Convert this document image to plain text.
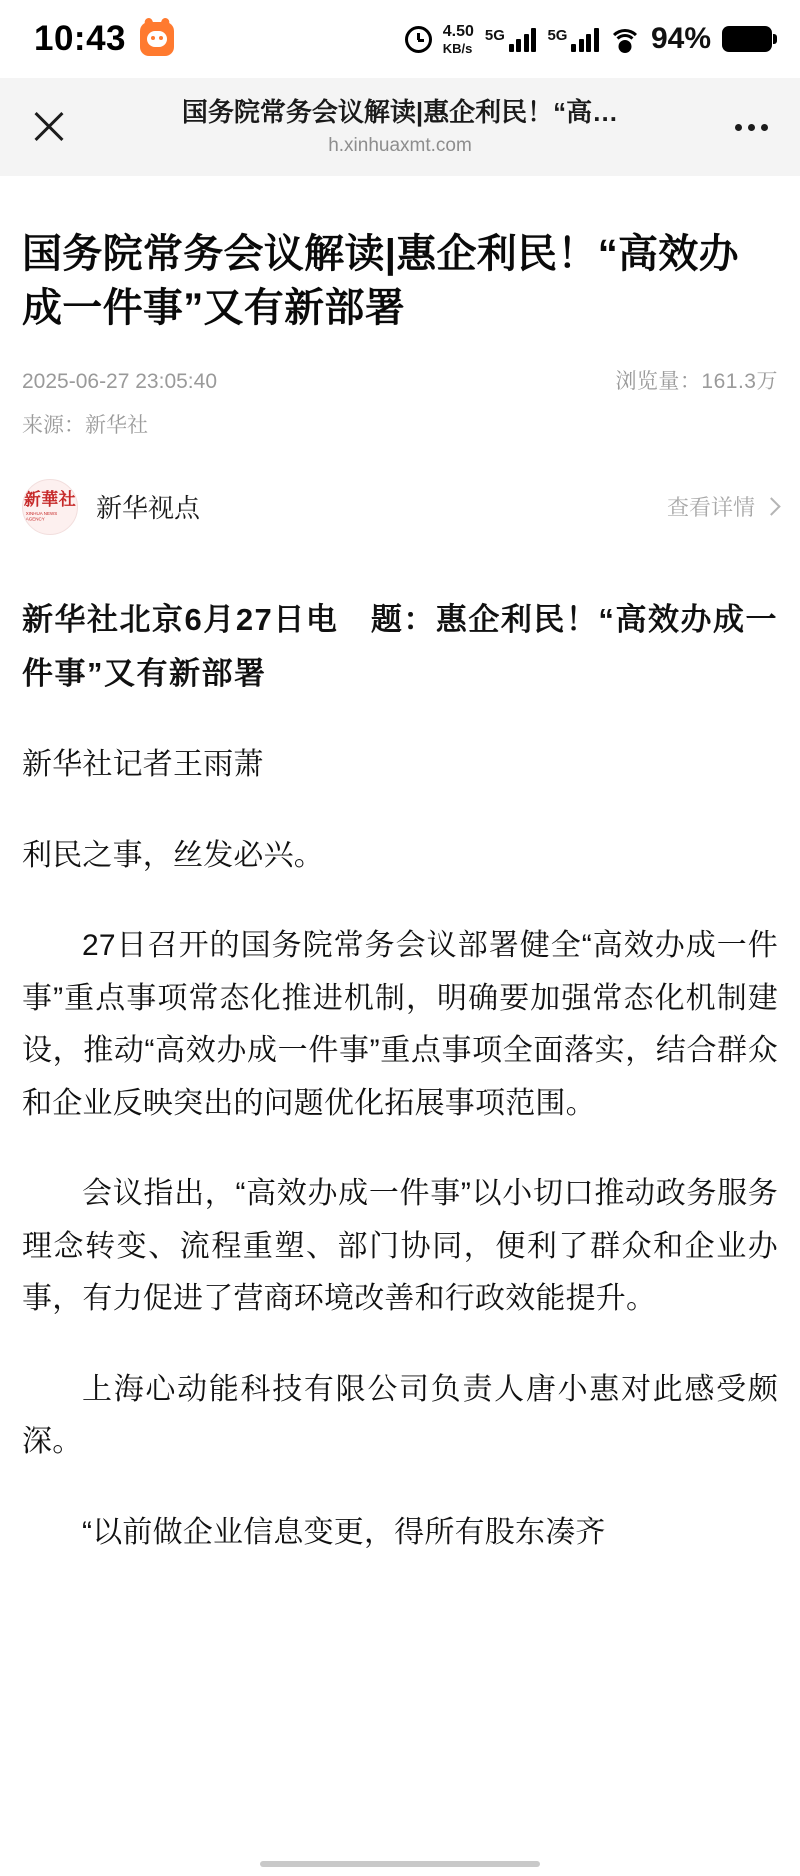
10:43	4.50
KB/s
5G	5G	94%
国务院常务会议解读|惠企利民！“高…
h.xinhuaxmt.com
国务院常务会议解读|惠企利民！“高效办成一件事”又有新部署
2025-06-27 23:05:40	浏览量：161.3万
来源：新华社
新華社
XINHUA NEWS AGENCY	新华视点	查看详情

新华社北京6月27日电　题：惠企利民！“高效办成一件事”又有新部署

新华社记者王雨萧

利民之事，丝发必兴。

27日召开的国务院常务会议部署健全“高效办成一件事”重点事项常态化推进机制，明确要加强常态化机制建设，推动“高效办成一件事”重点事项全面落实，结合群众和企业反映突出的问题优化拓展事项范围。

会议指出，“高效办成一件事”以小切口推动政务服务理念转变、流程重塑、部门协同，便利了群众和企业办事，有力促进了营商环境改善和行政效能提升。

上海心动能科技有限公司负责人唐小惠对此感受颇深。

“以前做企业信息变更，得所有股东凑齐
